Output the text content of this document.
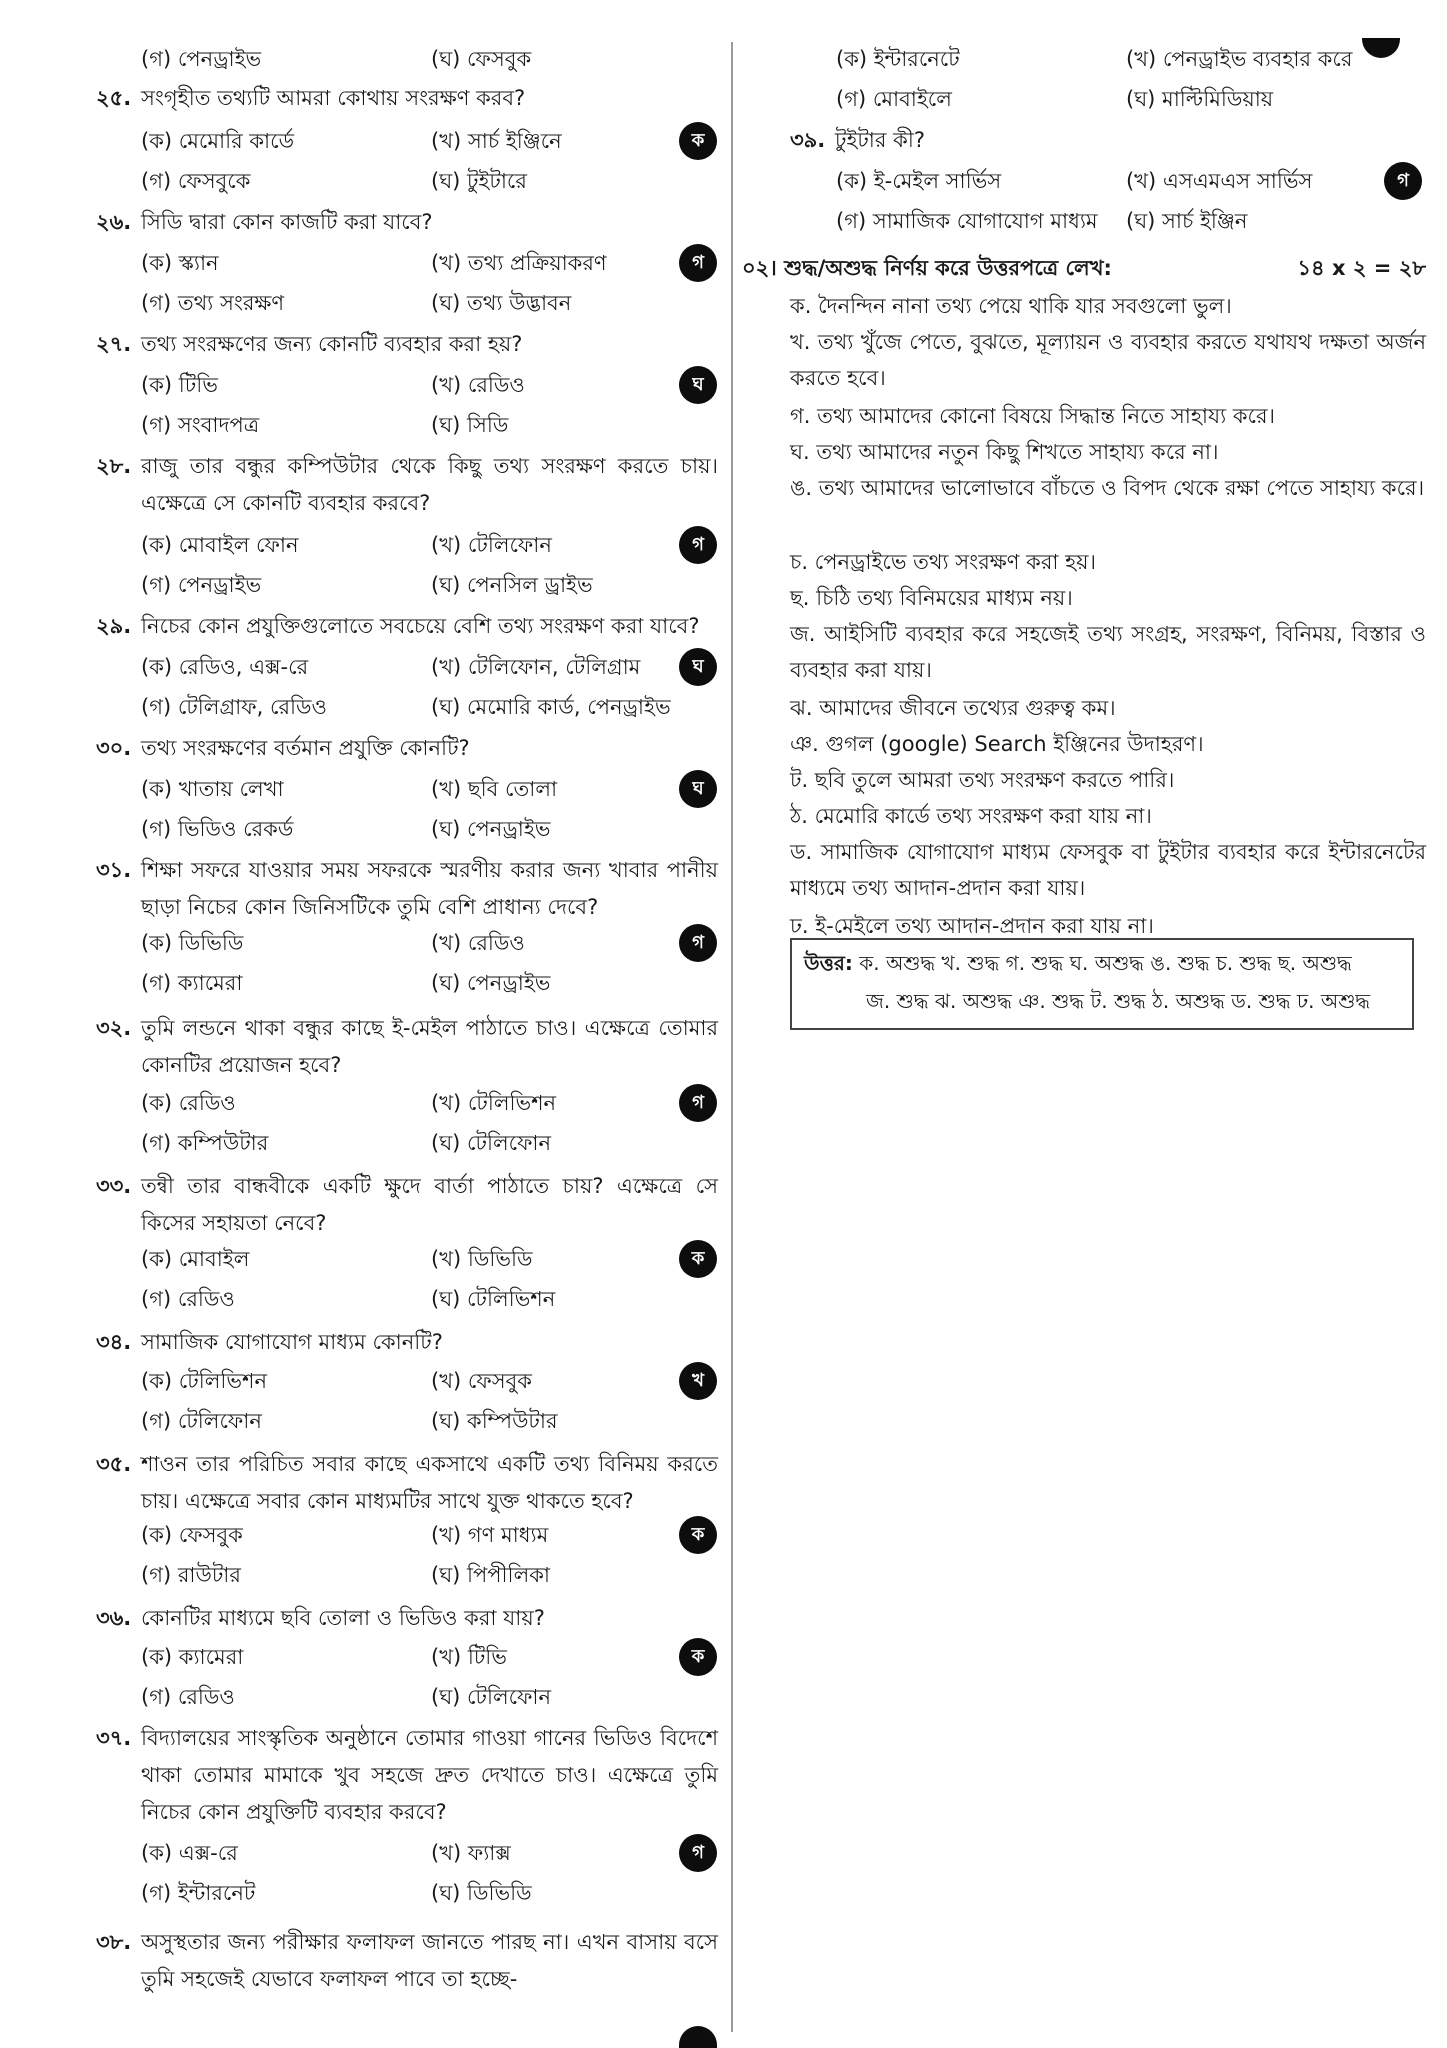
(গ) পেনড্রাইভ	(ঘ) ফেসবুক
২৫. সংগৃহীত তথ্যটি আমরা কোথায় সংরক্ষণ করব?
(ক) মেমোরি কার্ডে	(খ) সার্চ ইঞ্জিনে	ক
(গ) ফেসবুকে	(ঘ) টুইটারে
২৬. সিডি দ্বারা কোন কাজটি করা যাবে?
(ক) স্ক্যান	(খ) তথ্য প্রক্রিয়াকরণ	গ
(গ) তথ্য সংরক্ষণ	(ঘ) তথ্য উদ্ভাবন
২৭. তথ্য সংরক্ষণের জন্য কোনটি ব্যবহার করা হয়?
(ক) টিভি	(খ) রেডিও	ঘ
(গ) সংবাদপত্র	(ঘ) সিডি
২৮. রাজু তার বন্ধুর কম্পিউটার থেকে কিছু তথ্য সংরক্ষণ করতে চায়। এক্ষেত্রে সে কোনটি ব্যবহার করবে?
(ক) মোবাইল ফোন	(খ) টেলিফোন	গ
(গ) পেনড্রাইভ	(ঘ) পেনসিল ড্রাইভ
২৯. নিচের কোন প্রযুক্তিগুলোতে সবচেয়ে বেশি তথ্য সংরক্ষণ করা যাবে?
(ক) রেডিও, এক্স-রে	(খ) টেলিফোন, টেলিগ্রাম	ঘ
(গ) টেলিগ্রাফ, রেডিও	(ঘ) মেমোরি কার্ড, পেনড্রাইভ
৩০. তথ্য সংরক্ষণের বর্তমান প্রযুক্তি কোনটি?
(ক) খাতায় লেখা	(খ) ছবি তোলা	ঘ
(গ) ভিডিও রেকর্ড	(ঘ) পেনড্রাইভ
৩১. শিক্ষা সফরে যাওয়ার সময় সফরকে স্মরণীয় করার জন্য খাবার পানীয় ছাড়া নিচের কোন জিনিসটিকে তুমি বেশি প্রাধান্য দেবে?
(ক) ডিভিডি	(খ) রেডিও	গ
(গ) ক্যামেরা	(ঘ) পেনড্রাইভ
৩২. তুমি লন্ডনে থাকা বন্ধুর কাছে ই-মেইল পাঠাতে চাও। এক্ষেত্রে তোমার কোনটির প্রয়োজন হবে?
(ক) রেডিও	(খ) টেলিভিশন	গ
(গ) কম্পিউটার	(ঘ) টেলিফোন
৩৩. তন্বী তার বান্ধবীকে একটি ক্ষুদে বার্তা পাঠাতে চায়? এক্ষেত্রে সে কিসের সহায়তা নেবে?
(ক) মোবাইল	(খ) ডিভিডি	ক
(গ) রেডিও	(ঘ) টেলিভিশন
৩৪. সামাজিক যোগাযোগ মাধ্যম কোনটি?
(ক) টেলিভিশন	(খ) ফেসবুক	খ
(গ) টেলিফোন	(ঘ) কম্পিউটার
৩৫. শাওন তার পরিচিত সবার কাছে একসাথে একটি তথ্য বিনিময় করতে চায়। এক্ষেত্রে সবার কোন মাধ্যমটির সাথে যুক্ত থাকতে হবে?
(ক) ফেসবুক	(খ) গণ মাধ্যম	ক
(গ) রাউটার	(ঘ) পিপীলিকা
৩৬. কোনটির মাধ্যমে ছবি তোলা ও ভিডিও করা যায়?
(ক) ক্যামেরা	(খ) টিভি	ক
(গ) রেডিও	(ঘ) টেলিফোন
৩৭. বিদ্যালয়ের সাংস্কৃতিক অনুষ্ঠানে তোমার গাওয়া গানের ভিডিও বিদেশে থাকা তোমার মামাকে খুব সহজে দ্রুত দেখাতে চাও। এক্ষেত্রে তুমি নিচের কোন প্রযুক্তিটি ব্যবহার করবে?
(ক) এক্স-রে	(খ) ফ্যাক্স	গ
(গ) ইন্টারনেট	(ঘ) ডিভিডি
৩৮. অসুস্থতার জন্য পরীক্ষার ফলাফল জানতে পারছ না। এখন বাসায় বসে তুমি সহজেই যেভাবে ফলাফল পাবে তা হচ্ছে-
(ক) ইন্টারনেটে	(খ) পেনড্রাইভ ব্যবহার করে
(গ) মোবাইলে	(ঘ) মাল্টিমিডিয়ায়
৩৯. টুইটার কী?
(ক) ই-মেইল সার্ভিস	(খ) এসএমএস সার্ভিস	গ
(গ) সামাজিক যোগাযোগ মাধ্যম (ঘ) সার্চ ইঞ্জিন
০২। শুদ্ধ/অশুদ্ধ নির্ণয় করে উত্তরপত্রে লেখ:	১৪ x ২ = ২৮
ক. দৈনন্দিন নানা তথ্য পেয়ে থাকি যার সবগুলো ভুল।
খ. তথ্য খুঁজে পেতে, বুঝতে, মূল্যায়ন ও ব্যবহার করতে যথাযথ দক্ষতা অর্জন করতে হবে।
গ. তথ্য আমাদের কোনো বিষয়ে সিদ্ধান্ত নিতে সাহায্য করে।
ঘ. তথ্য আমাদের নতুন কিছু শিখতে সাহায্য করে না।
ঙ. তথ্য আমাদের ভালোভাবে বাঁচতে ও বিপদ থেকে রক্ষা পেতে সাহায্য করে।
চ. পেনড্রাইভে তথ্য সংরক্ষণ করা হয়।
ছ. চিঠি তথ্য বিনিময়ের মাধ্যম নয়।
জ. আইসিটি ব্যবহার করে সহজেই তথ্য সংগ্রহ, সংরক্ষণ, বিনিময়, বিস্তার ও ব্যবহার করা যায়।
ঝ. আমাদের জীবনে তথ্যের গুরুত্ব কম।
ঞ. গুগল (google) Search ইঞ্জিনের উদাহরণ।
ট. ছবি তুলে আমরা তথ্য সংরক্ষণ করতে পারি।
ঠ. মেমোরি কার্ডে তথ্য সংরক্ষণ করা যায় না।
ড. সামাজিক যোগাযোগ মাধ্যম ফেসবুক বা টুইটার ব্যবহার করে ইন্টারনেটের মাধ্যমে তথ্য আদান-প্রদান করা যায়।
ঢ. ই-মেইলে তথ্য আদান-প্রদান করা যায় না।
উত্তর: ক. অশুদ্ধ খ. শুদ্ধ গ. শুদ্ধ ঘ. অশুদ্ধ ঙ. শুদ্ধ চ. শুদ্ধ ছ. অশুদ্ধ
জ. শুদ্ধ ঝ. অশুদ্ধ ঞ. শুদ্ধ ট. শুদ্ধ ঠ. অশুদ্ধ ড. শুদ্ধ ঢ. অশুদ্ধ
